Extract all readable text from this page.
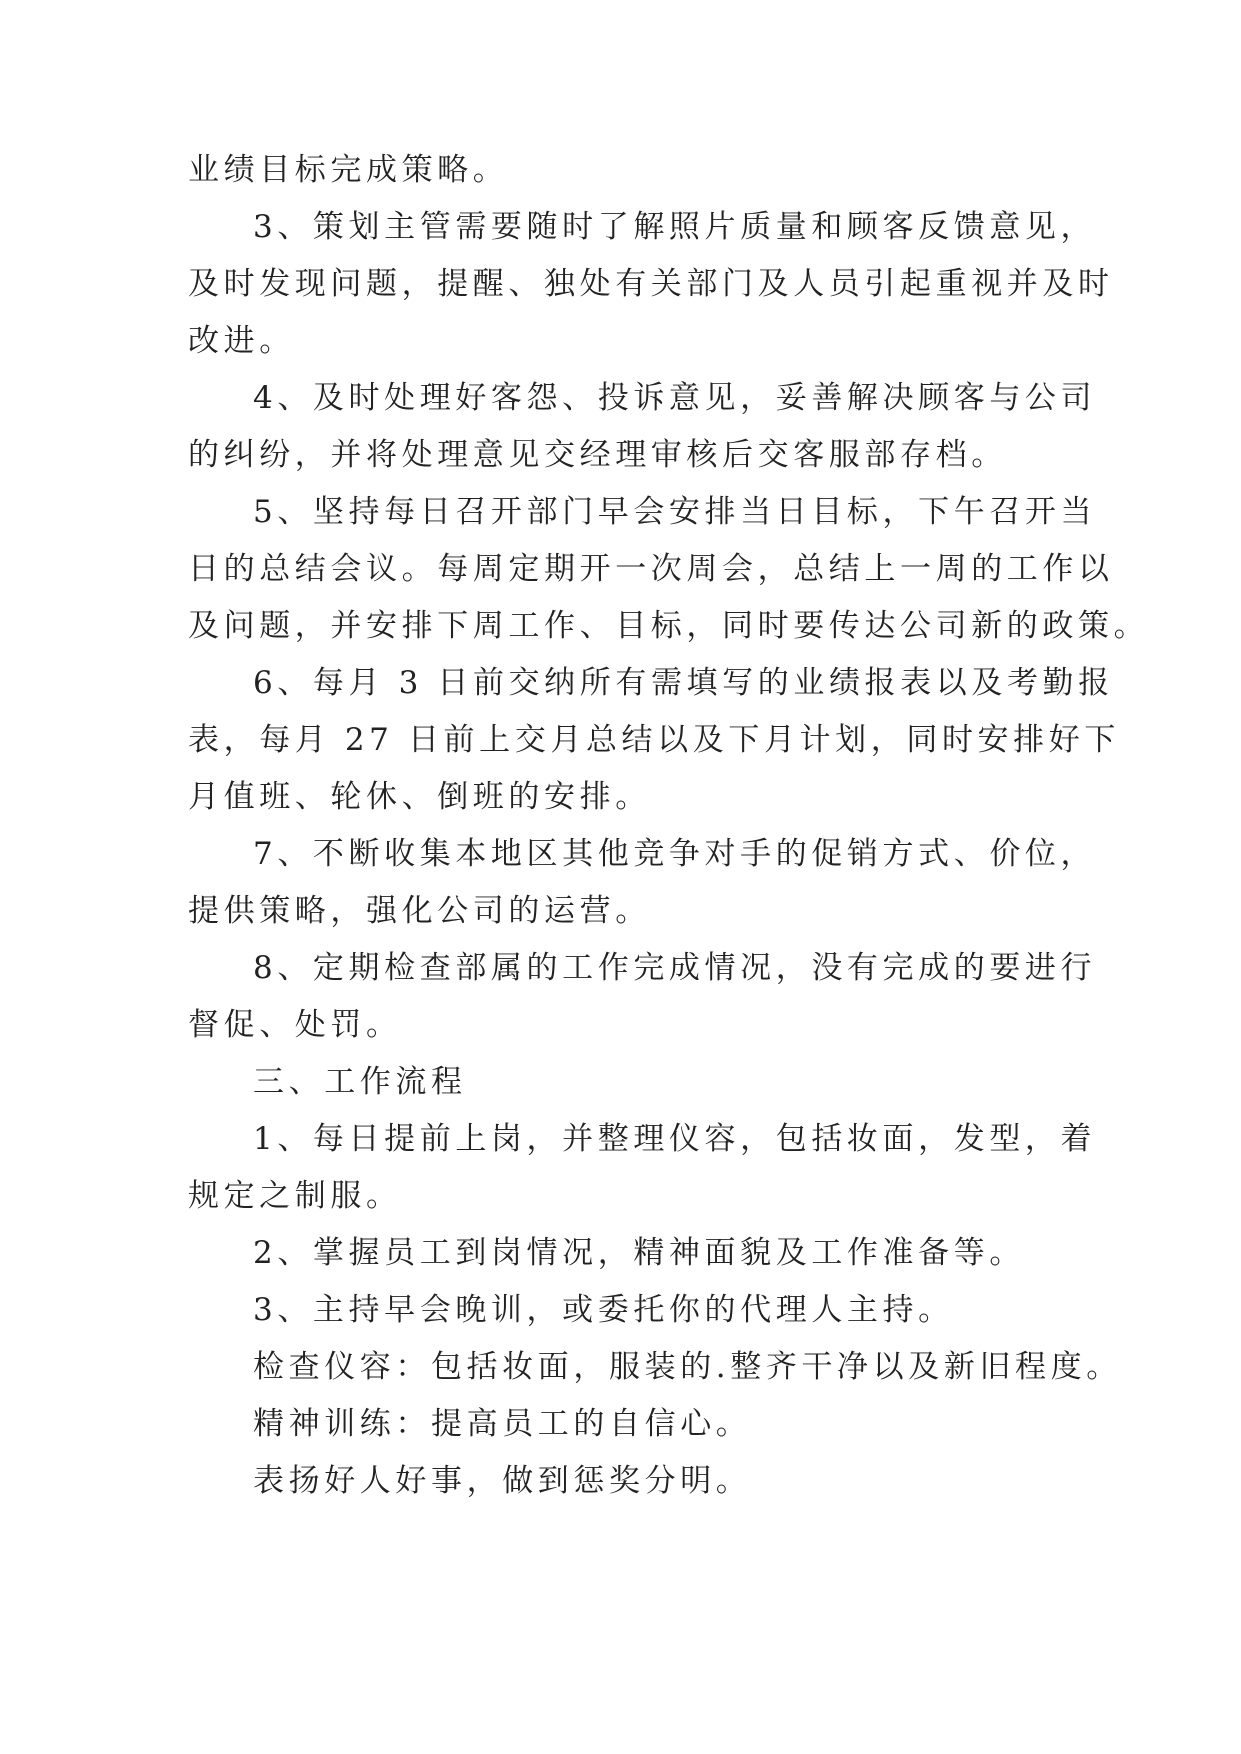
业绩目标完成策略。
3、策划主管需要随时了解照片质量和顾客反馈意见，
及时发现问题，提醒、独处有关部门及人员引起重视并及时
改进。
4、及时处理好客怨、投诉意见，妥善解决顾客与公司
的纠纷，并将处理意见交经理审核后交客服部存档。
5、坚持每日召开部门早会安排当日目标，下午召开当
日的总结会议。每周定期开一次周会，总结上一周的工作以
及问题，并安排下周工作、目标，同时要传达公司新的政策。
6、每月 3 日前交纳所有需填写的业绩报表以及考勤报
表，每月 27 日前上交月总结以及下月计划，同时安排好下
月值班、轮休、倒班的安排。
7、不断收集本地区其他竞争对手的促销方式、价位，
提供策略，强化公司的运营。
8、定期检查部属的工作完成情况，没有完成的要进行
督促、处罚。
三、工作流程
1、每日提前上岗，并整理仪容，包括妆面，发型，着
规定之制服。
2、掌握员工到岗情况，精神面貌及工作准备等。
3、主持早会晚训，或委托你的代理人主持。
检查仪容：包括妆面，服装的.整齐干净以及新旧程度。
精神训练：提高员工的自信心。
表扬好人好事，做到惩奖分明。
